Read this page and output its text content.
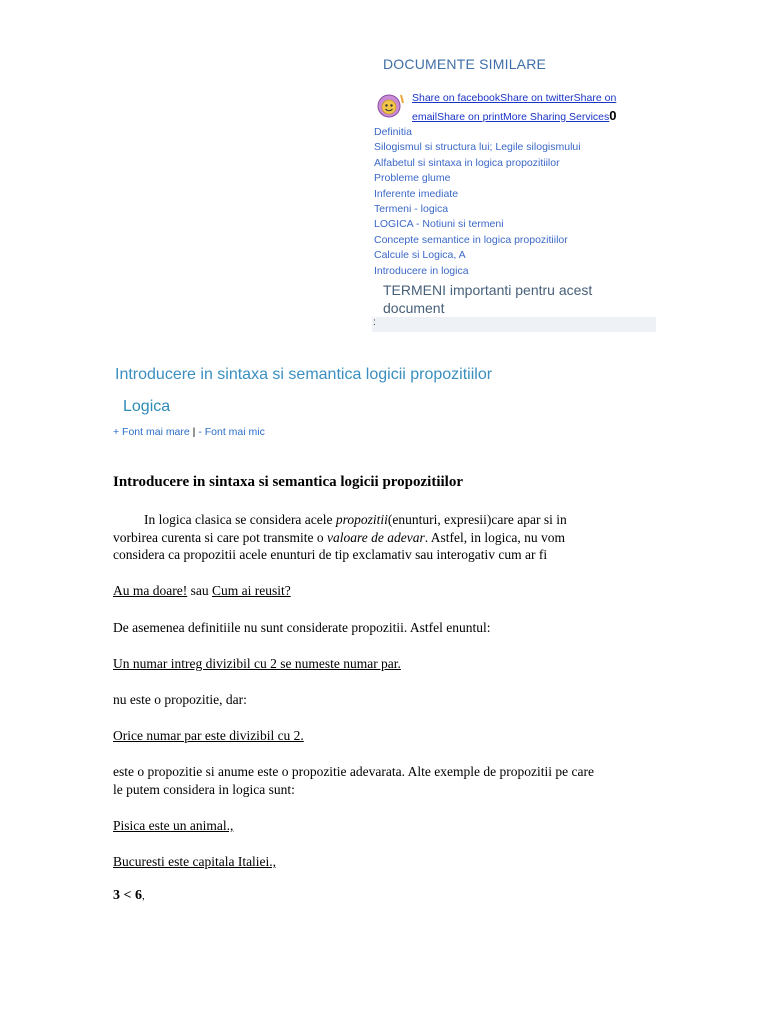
DOCUMENTE SIMILARE
Share on facebookShare on twitterShare on
emailShare on printMore Sharing Services0
Definitia
Silogismul si structura lui; Legile silogismului
Alfabetul si sintaxa in logica propozitiilor
Probleme glume
Inferente imediate
Termeni - logica
LOGICA - Notiuni si termeni
Concepte semantice in logica propozitiilor
Calcule si Logica, A
Introducere in logica
TERMENI importanti pentru acest document
:
Introducere in sintaxa si semantica logicii propozitiilor
Logica
+ Font mai mare | - Font mai mic
Introducere in sintaxa si semantica logicii propozitiilor
In logica clasica se considera acele propozitii(enunturi, expresii)care apar si in
vorbirea curenta si care pot transmite o valoare de adevar. Astfel, in logica, nu vom
considera ca propozitii acele enunturi de tip exclamativ sau interogativ cum ar fi
Au ma doare! sau Cum ai reusit?
De asemenea definitiile nu sunt considerate propozitii. Astfel enuntul:
Un numar intreg divizibil cu 2 se numeste numar par.
nu este o propozitie, dar:
Orice numar par este divizibil cu 2.
este o propozitie si anume este o propozitie adevarata. Alte exemple de propozitii pe care
le putem considera in logica sunt:
Pisica este un animal.,
Bucuresti este capitala Italiei.,
3 < 6,
